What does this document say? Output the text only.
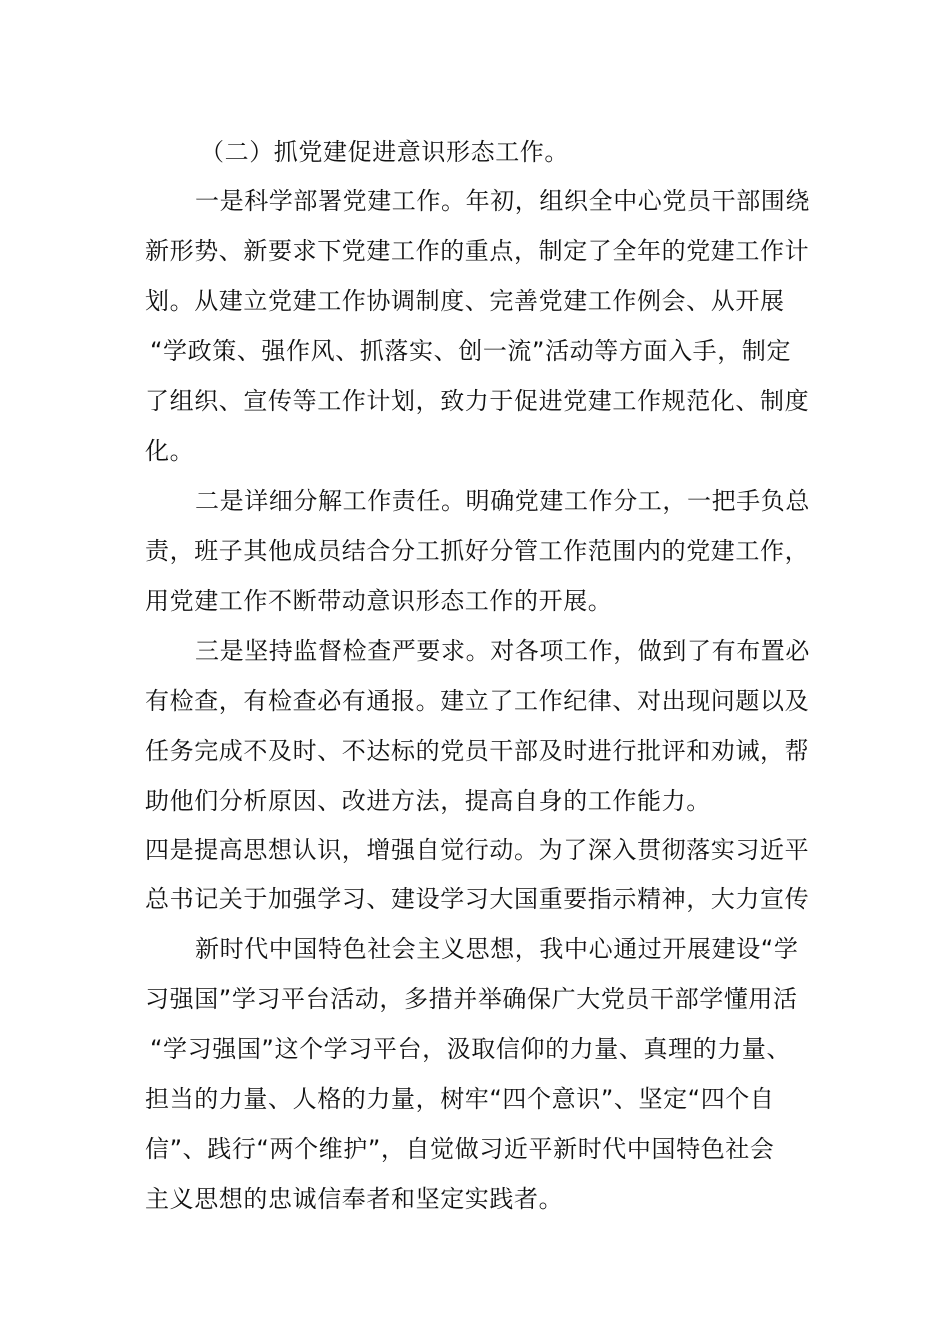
（二）抓党建促进意识形态工作。
一是科学部署党建工作。年初，组织全中心党员干部围绕
新形势、新要求下党建工作的重点，制定了全年的党建工作计
划。从建立党建工作协调制度、完善党建工作例会、从开展
“学政策、强作风、抓落实、创一流”活动等方面入手，制定
了组织、宣传等工作计划，致力于促进党建工作规范化、制度
化。
二是详细分解工作责任。明确党建工作分工，一把手负总
责，班子其他成员结合分工抓好分管工作范围内的党建工作，
用党建工作不断带动意识形态工作的开展。
三是坚持监督检查严要求。对各项工作，做到了有布置必
有检查，有检查必有通报。建立了工作纪律、对出现问题以及
任务完成不及时、不达标的党员干部及时进行批评和劝诫，帮
助他们分析原因、改进方法，提高自身的工作能力。
四是提高思想认识，增强自觉行动。为了深入贯彻落实习近平
总书记关于加强学习、建设学习大国重要指示精神，大力宣传
新时代中国特色社会主义思想，我中心通过开展建设“学
习强国”学习平台活动，多措并举确保广大党员干部学懂用活
“学习强国”这个学习平台，汲取信仰的力量、真理的力量、
担当的力量、人格的力量，树牢“四个意识”、坚定“四个自
信”、践行“两个维护”，自觉做习近平新时代中国特色社会
主义思想的忠诚信奉者和坚定实践者。
